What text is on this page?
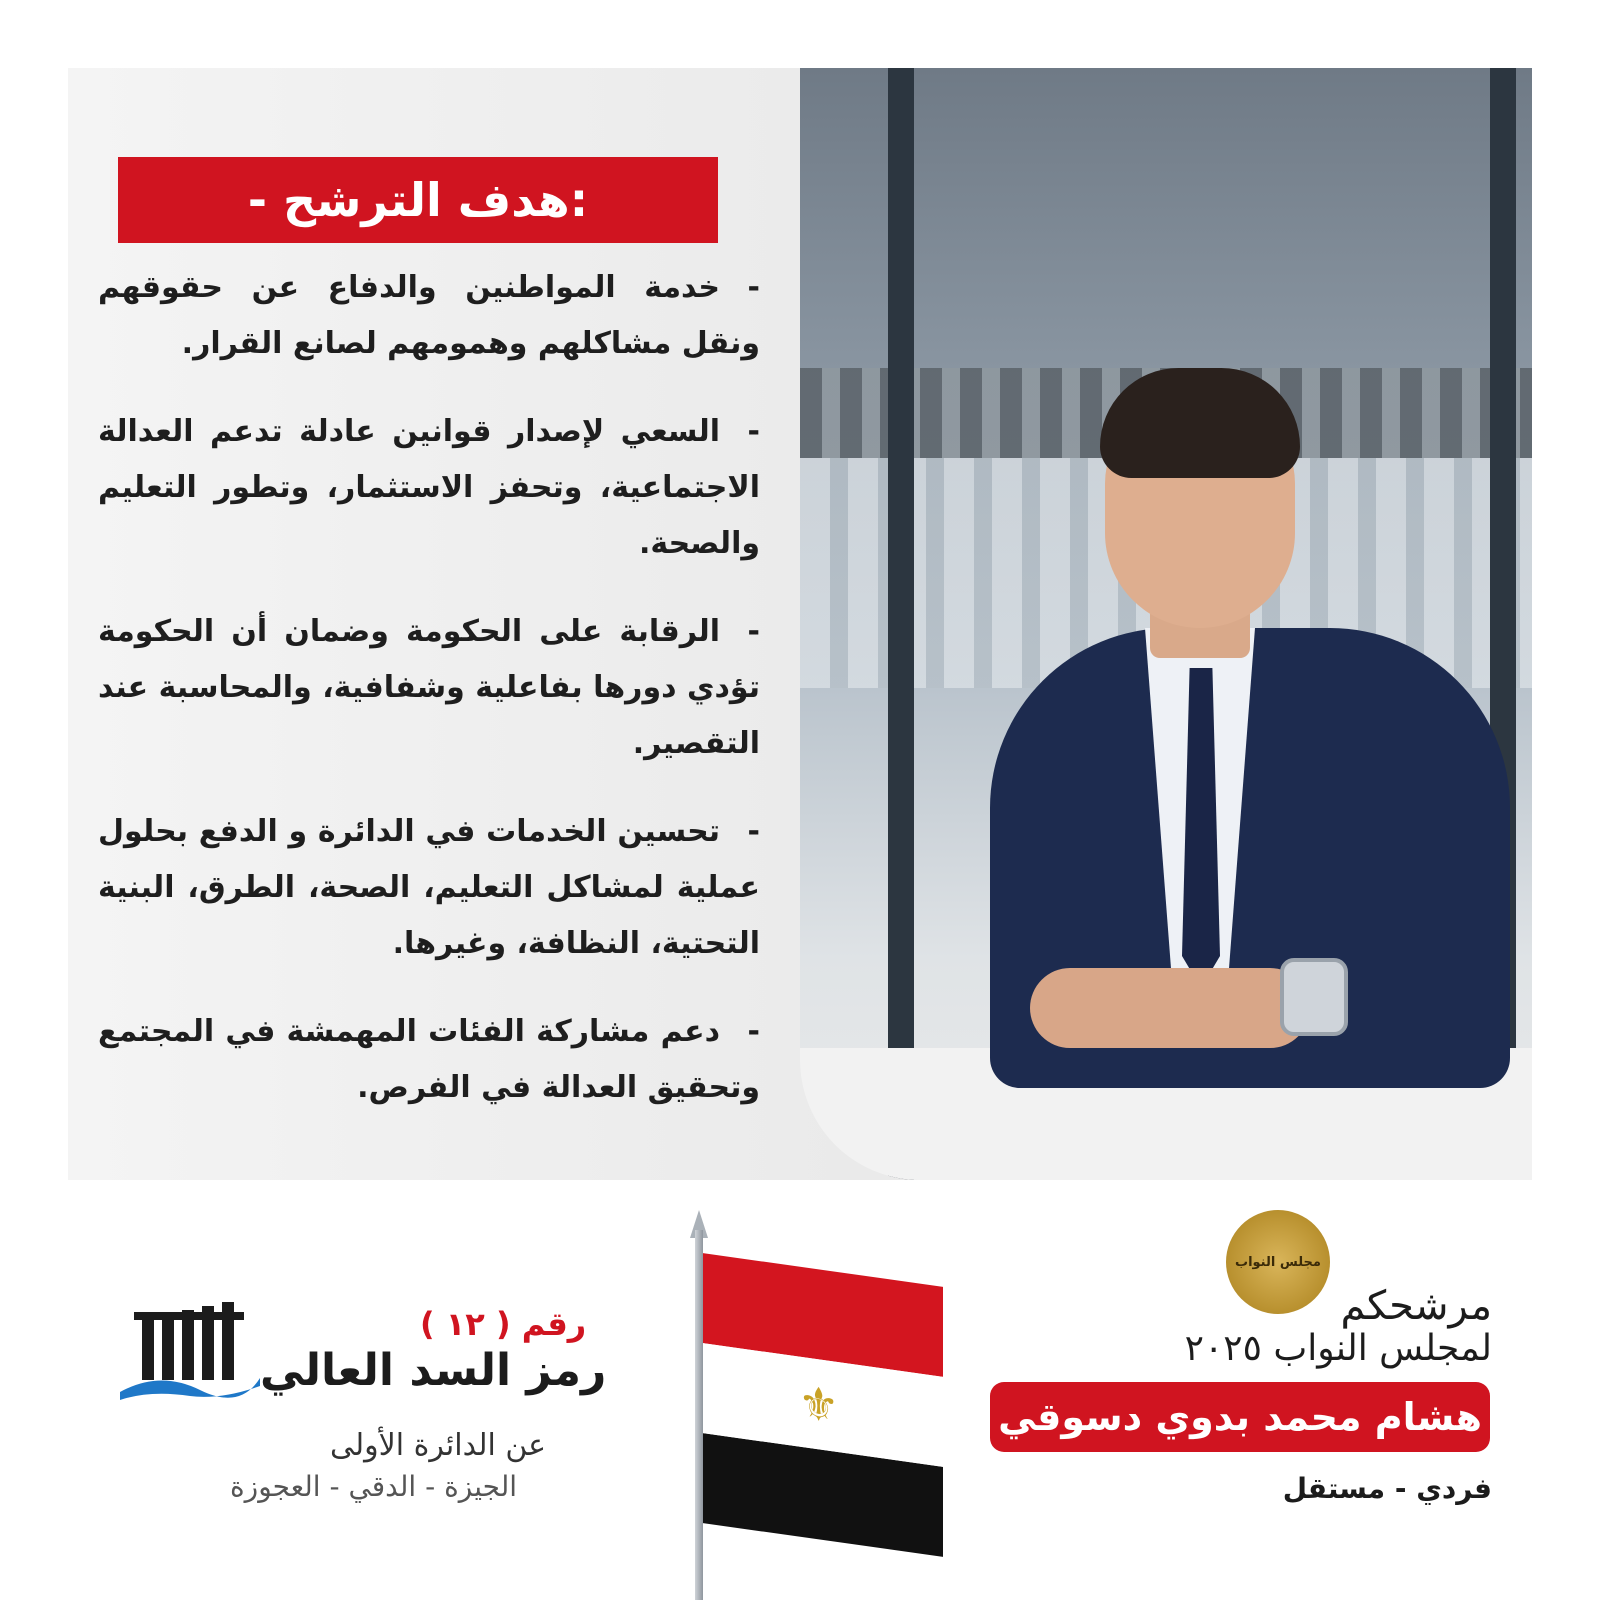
- هدف الترشح:
- خدمة المواطنين والدفاع عن حقوقهم ونقل مشاكلهم وهمومهم لصانع القرار.
- السعي لإصدار قوانين عادلة تدعم العدالة الاجتماعية، وتحفز الاستثمار، وتطور التعليم والصحة.
- الرقابة على الحكومة وضمان أن الحكومة تؤدي دورها بفاعلية وشفافية، والمحاسبة عند التقصير.
- تحسين الخدمات في الدائرة و الدفع بحلول عملية لمشاكل التعليم، الصحة، الطرق، البنية التحتية، النظافة، وغيرها.
- دعم مشاركة الفئات المهمشة في المجتمع وتحقيق العدالة في الفرص.
⚜
مجلس النواب
مرشحكم
لمجلس النواب ٢٠٢٥
هشام محمد بدوي دسوقي
فردي - مستقل
رقم ( ١٢ )
رمز السد العالي
عن الدائرة الأولى
الجيزة - الدقي - العجوزة
